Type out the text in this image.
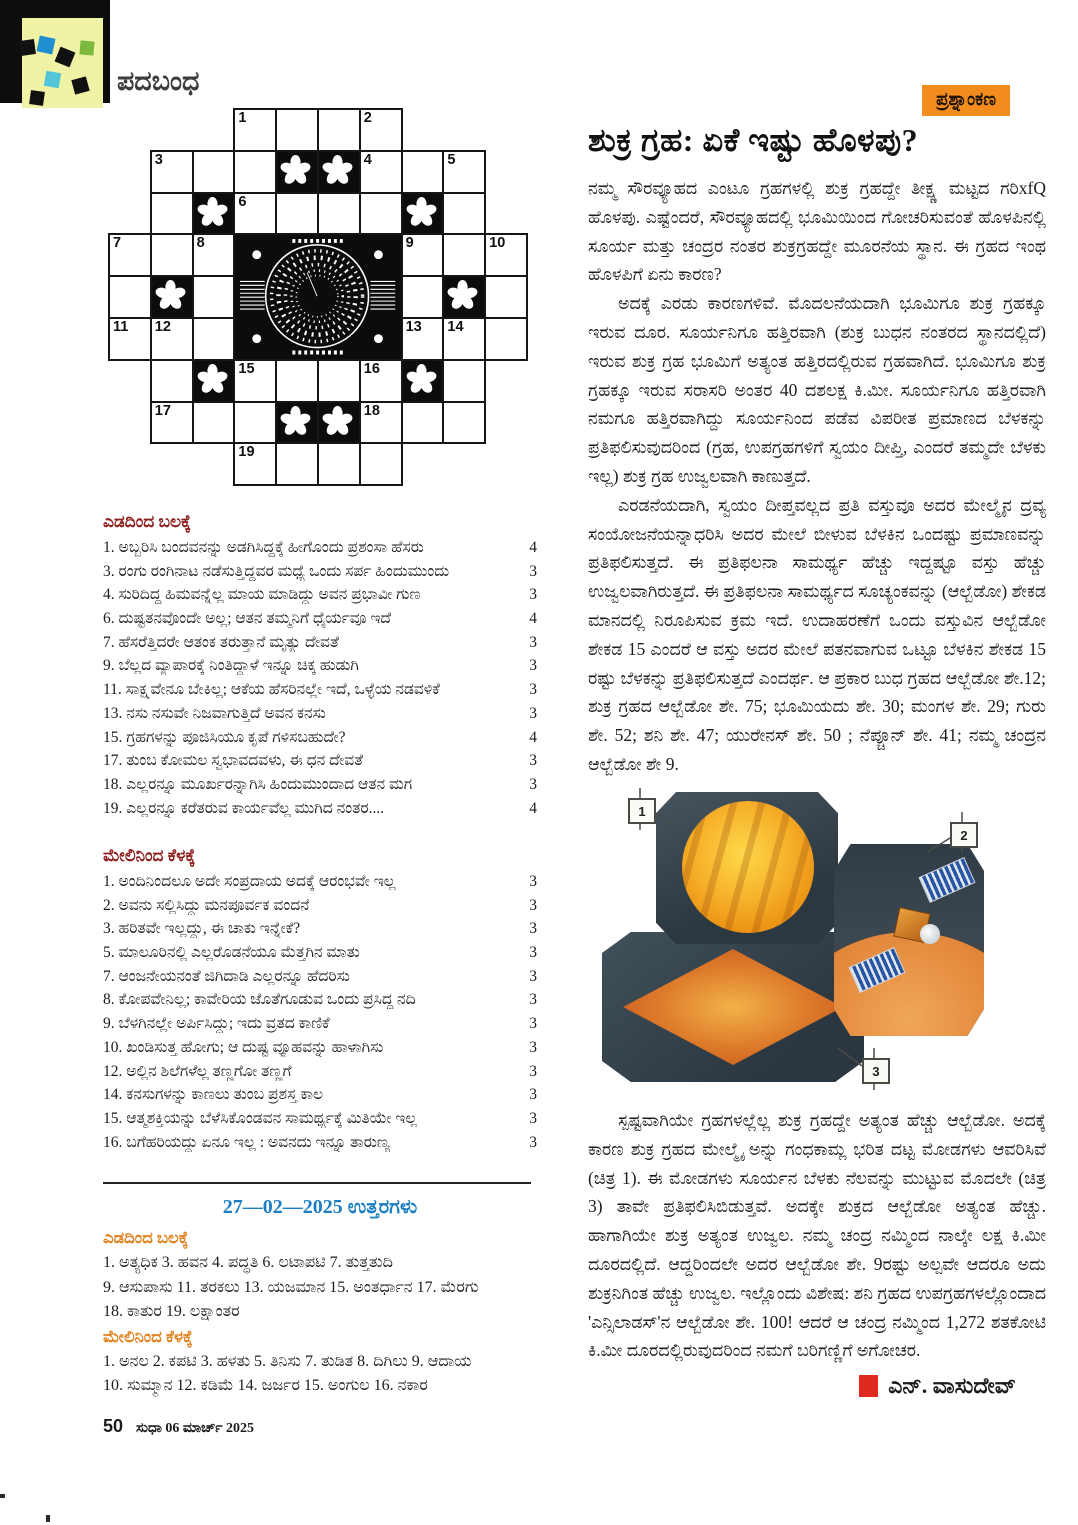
ಪದಬಂಧ
1	2
3	4	5
6
7	8	9	10
11 12	13 14
15	16
17	18
19
ಎಡದಿಂದ ಬಲಕ್ಕೆ
1. ಅಬ್ಬರಿಸಿ ಬಂದವನನ್ನು ಅಡಗಿಸಿದ್ದಕ್ಕೆ ಹೀಗೊಂದು ಪ್ರಶಂಸಾ ಹೆಸರು	4
3. ರಂಗು ರಂಗಿನಾಟ ನಡೆಸುತ್ತಿದ್ದವರ ಮಧ್ಯೆ ಒಂದು ಸರ್ಪ ಹಿಂದುಮುಂದು	3
4. ಸುರಿದಿದ್ದ ಹಿಮವನ್ನೆಲ್ಲ ಮಾಯ ಮಾಡಿದ್ದು ಅವನ ಪ್ರಭಾವೀ ಗುಣ	3
6. ದುಷ್ಟತನವೊಂದೇ ಅಲ್ಲ; ಆತನ ತಮ್ಮನಿಗೆ ಧೈರ್ಯವೂ ಇದೆ	4
7. ಹೆಸರೆತ್ತಿದರೇ ಆತಂಕ ತರುತ್ತಾನೆ ಮೃತ್ಯು ದೇವತೆ	3
9. ಬೆಲ್ಲದ ವ್ಯಾಪಾರಕ್ಕೆ ನಿಂತಿದ್ದಾಳೆ ಇನ್ನೂ ಚಿಕ್ಕ ಹುಡುಗಿ	3
11. ಸಾಕ್ಷ್ಯವೇನೂ ಬೇಕಿಲ್ಲ; ಆಕೆಯ ಹೆಸರಿನಲ್ಲೇ ಇದೆ, ಒಳ್ಳೆಯ ನಡವಳಿಕೆ	3
13. ನಸು ನಸುವೇ ನಿಜವಾಗುತ್ತಿದೆ ಅವನ ಕನಸು	3
15. ಗ್ರಹಗಳನ್ನು ಪೂಜಿಸಿಯೂ ಕೃಪೆ ಗಳಿಸಬಹುದೇ?	4
17. ತುಂಬ ಕೋಮಲ ಸ್ವಭಾವದವಳು, ಈ ಧನ ದೇವತೆ	3
18. ಎಲ್ಲರನ್ನೂ ಮೂರ್ಖರನ್ನಾಗಿಸಿ ಹಿಂದುಮುಂದಾದ ಆತನ ಮಗ	3
19. ಎಲ್ಲರನ್ನೂ ಕರೆತರುವ ಕಾರ್ಯವೆಲ್ಲ ಮುಗಿದ ನಂತರ....	4
ಮೇಲಿನಿಂದ ಕೆಳಕ್ಕೆ
1. ಅಂದಿನಿಂದಲೂ ಅದೇ ಸಂಪ್ರದಾಯ ಅದಕ್ಕೆ ಆರಂಭವೇ ಇಲ್ಲ	3
2. ಅವನು ಸಲ್ಲಿಸಿದ್ದು ಮನಪೂರ್ವಕ ವಂದನೆ	3
3. ಹರಿತವೇ ಇಲ್ಲದ್ದು, ಈ ಚಾಕು ಇನ್ನೇಕೆ?	3
5. ಮಾಲೂರಿನಲ್ಲಿ ಎಲ್ಲರೊಡನೆಯೂ ಮೆತ್ತಗಿನ ಮಾತು	3
7. ಆಂಜನೇಯನಂತೆ ಜಿಗಿದಾಡಿ ಎಲ್ಲರನ್ನೂ ಹೆದರಿಸು	3
8. ಕೋಪವೇನಿಲ್ಲ; ಕಾವೇರಿಯ ಜೊತೆಗೂಡುವ ಒಂದು ಪ್ರಸಿದ್ಧ ನದಿ	3
9. ಬೆಳಗಿನಲ್ಲೇ ಅರ್ಪಿಸಿದ್ದು; ಇದು ವ್ರತದ ಕಾಣಿಕೆ	3
10. ಖಂಡಿಸುತ್ತ ಹೋಗು; ಆ ದುಷ್ಟ ವ್ಯೂಹವನ್ನು ಹಾಳಾಗಿಸು	3
12. ಅಲ್ಲಿನ ಶಿಲೆಗಳೆಲ್ಲ ತಣ್ಣಗೋ ತಣ್ಣಗೆ	3
14. ಕನಸುಗಳನ್ನು ಕಾಣಲು ತುಂಬ ಪ್ರಶಸ್ತ ಕಾಲ	3
15. ಆತ್ಮಶಕ್ತಿಯನ್ನು ಬೆಳೆಸಿಕೊಂಡವನ ಸಾಮರ್ಥ್ಯಕ್ಕೆ ಮಿತಿಯೇ ಇಲ್ಲ	3
16. ಬಗೆಹರಿಯದ್ದು ಏನೂ ಇಲ್ಲ : ಅವನದು ಇನ್ನೂ ತಾರುಣ್ಯ	3
27—02—2025 ಉತ್ತರಗಳು
ಎಡದಿಂದ ಬಲಕ್ಕೆ
1. ಅತ್ಯಧಿಕ 3. ಹವನ 4. ಪದ್ಧತಿ 6. ಲಟಾಪಟಿ 7. ತುತ್ತತುದಿ
9. ಆಸುಪಾಸು 11. ತರಕಲು 13. ಯಜಮಾನ 15. ಅಂತರ್ಧಾನ 17. ಮೆರಗು
18. ಕಾತುರ 19. ಲಕ್ಷಾಂತರ
ಮೇಲಿನಿಂದ ಕೆಳಕ್ಕೆ
1. ಅನಲ 2. ಕಪಟಿ 3. ಹಳತು 5. ತಿನಿಸು 7. ತುಡಿತ 8. ದಿಗಿಲು 9. ಆದಾಯ
10. ಸುಮ್ಮಾನ 12. ಕಡಿಮೆ 14. ಜರ್ಜರ 15. ಅಂಗುಲ 16. ನಕಾರ
ಪ್ರಶ್ನಾಂಕಣ
ಶುಕ್ರ ಗ್ರಹ: ಏಕೆ ಇಷ್ಟು ಹೊಳಪು?

ನಮ್ಮ ಸೌರವ್ಯೂಹದ ಎಂಟೂ ಗ್ರಹಗಳಲ್ಲಿ ಶುಕ್ರ ಗ್ರಹದ್ದೇ ತೀಕ್ಷ್ಣ ಮಟ್ಟದ ಗರಿxfQ ಹೊಳಪು. ಎಷ್ಟೆಂದರೆ, ಸೌರವ್ಯೂಹದಲ್ಲಿ ಭೂಮಿಯಿಂದ ಗೋಚರಿಸುವಂತೆ ಹೊಳಪಿನಲ್ಲಿ ಸೂರ್ಯ ಮತ್ತು ಚಂದ್ರರ ನಂತರ ಶುಕ್ರಗ್ರಹದ್ದೇ ಮೂರನೆಯ ಸ್ಥಾನ. ಈ ಗ್ರಹದ ಇಂಥ ಹೊಳಪಿಗೆ ಏನು ಕಾರಣ?

ಅದಕ್ಕೆ ಎರಡು ಕಾರಣಗಳಿವೆ. ಮೊದಲನೆಯದಾಗಿ ಭೂಮಿಗೂ ಶುಕ್ರ ಗ್ರಹಕ್ಕೂ ಇರುವ ದೂರ. ಸೂರ್ಯನಿಗೂ ಹತ್ತಿರವಾಗಿ (ಶುಕ್ರ ಬುಧನ ನಂತರದ ಸ್ಥಾನದಲ್ಲಿದೆ) ಇರುವ ಶುಕ್ರ ಗ್ರಹ ಭೂಮಿಗೆ ಅತ್ಯಂತ ಹತ್ತಿರದಲ್ಲಿರುವ ಗ್ರಹವಾಗಿದೆ. ಭೂಮಿಗೂ ಶುಕ್ರ ಗ್ರಹಕ್ಕೂ ಇರುವ ಸರಾಸರಿ ಅಂತರ 40 ದಶಲಕ್ಷ ಕಿ.ಮೀ. ಸೂರ್ಯನಿಗೂ ಹತ್ತಿರವಾಗಿ ನಮಗೂ ಹತ್ತಿರವಾಗಿದ್ದು ಸೂರ್ಯನಿಂದ ಪಡೆವ ವಿಪರೀತ ಪ್ರಮಾಣದ ಬೆಳಕನ್ನು ಪ್ರತಿಫಲಿಸುವುದರಿಂದ (ಗ್ರಹ, ಉಪಗ್ರಹಗಳಿಗೆ ಸ್ವಯಂ ದೀಪ್ತಿ, ಎಂದರೆ ತಮ್ಮದೇ ಬೆಳಕು ಇಲ್ಲ) ಶುಕ್ರ ಗ್ರಹ ಉಜ್ವಲವಾಗಿ ಕಾಣುತ್ತದೆ.

ಎರಡನೆಯದಾಗಿ, ಸ್ವಯಂ ದೀಪ್ತವಲ್ಲದ ಪ್ರತಿ ವಸ್ತುವೂ ಅದರ ಮೇಲ್ಮೈನ ದ್ರವ್ಯ ಸಂಯೋಜನೆಯನ್ನಾಧರಿಸಿ ಅದರ ಮೇಲೆ ಬೀಳುವ ಬೆಳಕಿನ ಒಂದಷ್ಟು ಪ್ರಮಾಣವನ್ನು ಪ್ರತಿಫಲಿಸುತ್ತದೆ. ಈ ಪ್ರತಿಫಲನಾ ಸಾಮರ್ಥ್ಯ ಹೆಚ್ಚು ಇದ್ದಷ್ಟೂ ವಸ್ತು ಹೆಚ್ಚು ಉಜ್ವಲವಾಗಿರುತ್ತದೆ. ಈ ಪ್ರತಿಫಲನಾ ಸಾಮರ್ಥ್ಯದ ಸೂಚ್ಯಂಕವನ್ನು (ಆಲ್ಬೆಡೋ) ಶೇಕಡ ಮಾನದಲ್ಲಿ ನಿರೂಪಿಸುವ ಕ್ರಮ ಇದೆ. ಉದಾಹರಣೆಗೆ ಒಂದು ವಸ್ತುವಿನ ಆಲ್ಬೆಡೋ ಶೇಕಡ 15 ಎಂದರೆ ಆ ವಸ್ತು ಅದರ ಮೇಲೆ ಪತನವಾಗುವ ಒಟ್ಟೂ ಬೆಳಕಿನ ಶೇಕಡ 15 ರಷ್ಟು ಬೆಳಕನ್ನು ಪ್ರತಿಫಲಿಸುತ್ತದೆ ಎಂದರ್ಥ. ಆ ಪ್ರಕಾರ ಬುಧ ಗ್ರಹದ ಆಲ್ಬೆಡೋ ಶೇ.12; ಶುಕ್ರ ಗ್ರಹದ ಆಲ್ಬೆಡೋ ಶೇ. 75; ಭೂಮಿಯದು ಶೇ. 30; ಮಂಗಳ ಶೇ. 29; ಗುರು ಶೇ. 52; ಶನಿ ಶೇ. 47; ಯುರೇನಸ್ ಶೇ. 50 ; ನೆಪ್ಚೂನ್ ಶೇ. 41; ನಮ್ಮ ಚಂದ್ರನ ಆಲ್ಬೆಡೋ ಶೇ 9.

1
2
3

ಸ್ಪಷ್ಟವಾಗಿಯೇ ಗ್ರಹಗಳಲ್ಲೆಲ್ಲ ಶುಕ್ರ ಗ್ರಹದ್ದೇ ಅತ್ಯಂತ ಹೆಚ್ಚು ಆಲ್ಬೆಡೋ. ಅದಕ್ಕೆ ಕಾರಣ ಶುಕ್ರ ಗ್ರಹದ ಮೇಲ್ಮೈ ಅನ್ನು ಗಂಧಕಾಮ್ಲ ಭರಿತ ದಟ್ಟ ಮೋಡಗಳು ಆವರಿಸಿವೆ (ಚಿತ್ರ 1). ಈ ಮೋಡಗಳು ಸೂರ್ಯನ ಬೆಳಕು ನೆಲವನ್ನು ಮುಟ್ಟುವ ಮೊದಲೇ (ಚಿತ್ರ 3) ತಾವೇ ಪ್ರತಿಫಲಿಸಿಬಿಡುತ್ತವೆ. ಅದಕ್ಕೇ ಶುಕ್ರದ ಆಲ್ಬೆಡೋ ಅತ್ಯಂತ ಹೆಚ್ಚು. ಹಾಗಾಗಿಯೇ ಶುಕ್ರ ಅತ್ಯಂತ ಉಜ್ವಲ. ನಮ್ಮ ಚಂದ್ರ ನಮ್ಮಿಂದ ನಾಲ್ಕೇ ಲಕ್ಷ ಕಿ.ಮೀ ದೂರದಲ್ಲಿದೆ. ಆದ್ದರಿಂದಲೇ ಅದರ ಆಲ್ಬೆಡೋ ಶೇ. 9ರಷ್ಟು ಅಲ್ಪವೇ ಆದರೂ ಅದು ಶುಕ್ರನಿಗಿಂತ ಹೆಚ್ಚು ಉಜ್ವಲ. ಇಲ್ಲೊಂದು ವಿಶೇಷ: ಶನಿ ಗ್ರಹದ ಉಪಗ್ರಹಗಳಲ್ಲೊಂದಾದ 'ಎನ್ಸಿಲಾಡಸ್'ನ ಆಲ್ಬೆಡೋ ಶೇ. 100! ಆದರೆ ಆ ಚಂದ್ರ ನಮ್ಮಿಂದ 1,272 ಶತಕೋಟಿ ಕಿ.ಮೀ ದೂರದಲ್ಲಿರುವುದರಿಂದ ನಮಗೆ ಬರಿಗಣ್ಣಿಗೆ ಅಗೋಚರ.

ಎನ್. ವಾಸುದೇವ್
50 ಸುಧಾ 06 ಮಾರ್ಚ್ 2025
